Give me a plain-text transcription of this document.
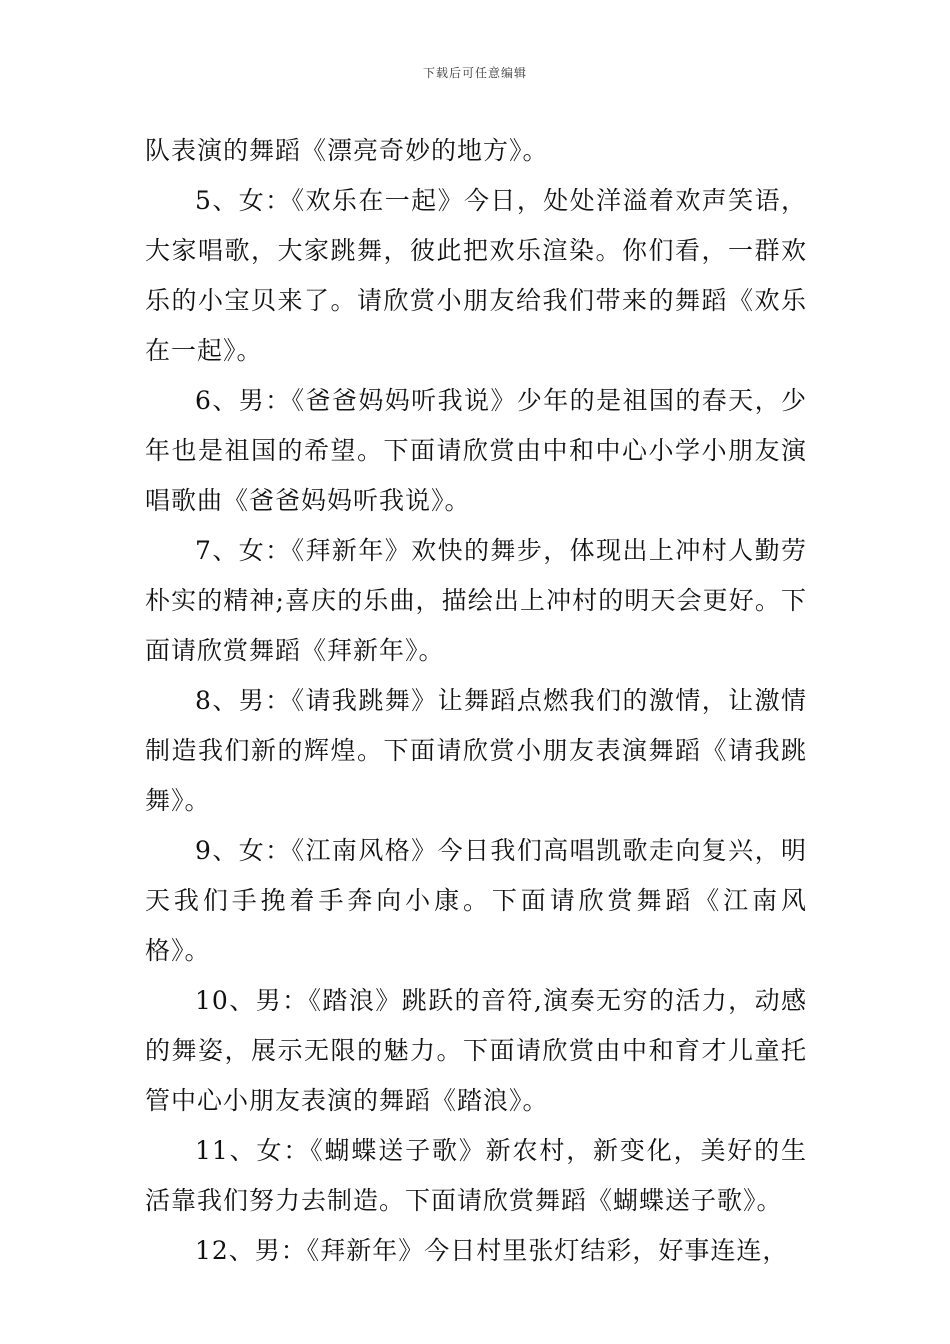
下载后可任意编辑

队表演的舞蹈《漂亮奇妙的地方》。

5、女：《欢乐在一起》今日，处处洋溢着欢声笑语，大家唱歌，大家跳舞，彼此把欢乐渲染。你们看，一群欢乐的小宝贝来了。请欣赏小朋友给我们带来的舞蹈《欢乐在一起》。

6、男：《爸爸妈妈听我说》少年的是祖国的春天，少年也是祖国的希望。下面请欣赏由中和中心小学小朋友演唱歌曲《爸爸妈妈听我说》。

7、女：《拜新年》欢快的舞步，体现出上冲村人勤劳朴实的精神;喜庆的乐曲，描绘出上冲村的明天会更好。下面请欣赏舞蹈《拜新年》。

8、男：《请我跳舞》让舞蹈点燃我们的激情，让激情制造我们新的辉煌。下面请欣赏小朋友表演舞蹈《请我跳舞》。

9、女：《江南风格》今日我们高唱凯歌走向复兴，明天我们手挽着手奔向小康。下面请欣赏舞蹈《江南风格》。

10、男：《踏浪》跳跃的音符,演奏无穷的活力，动感的舞姿，展示无限的魅力。下面请欣赏由中和育才儿童托管中心小朋友表演的舞蹈《踏浪》。

11、女：《蝴蝶送子歌》新农村，新变化，美好的生活靠我们努力去制造。下面请欣赏舞蹈《蝴蝶送子歌》。

12、男：《拜新年》今日村里张灯结彩，好事连连，
